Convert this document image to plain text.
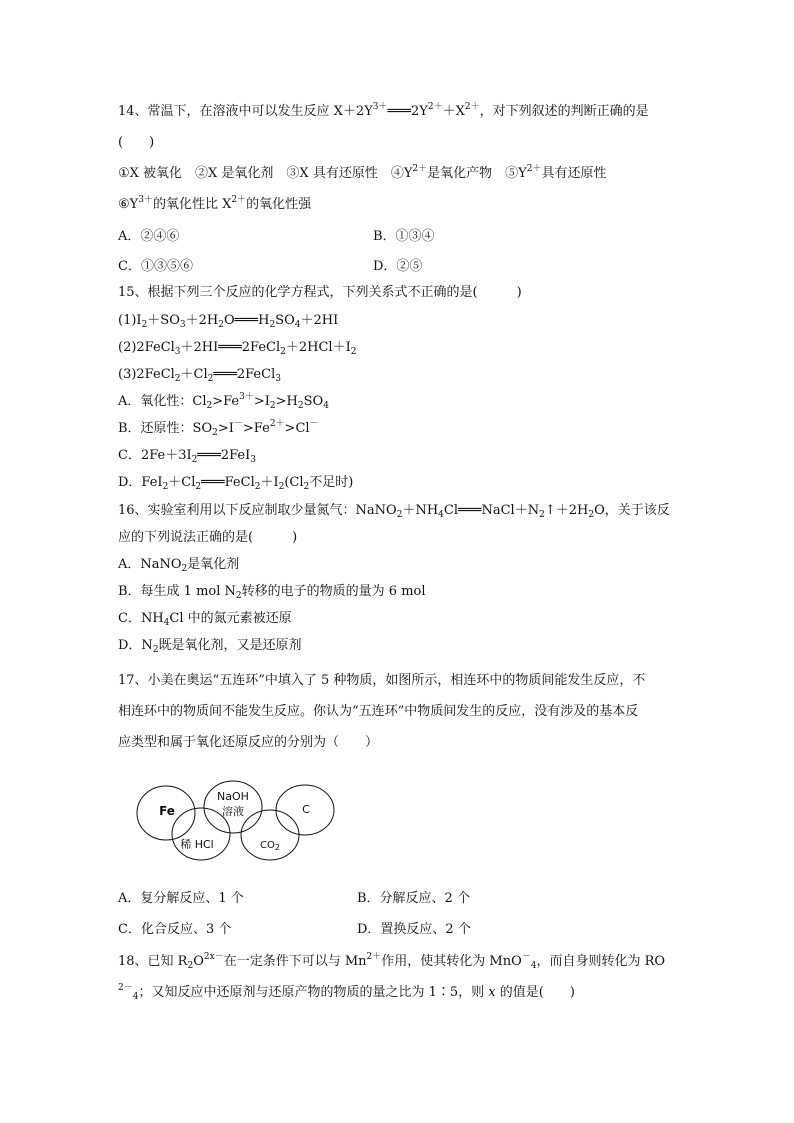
14、常温下，在溶液中可以发生反应 $X+2Y^{3+}═══2Y^{2+}+X^{2+}$，对下列叙述的判断正确的是
(　　)
①X 被氧化　②X 是氧化剂　③X 具有还原性　$④Y^{2+}$是氧化产物　$⑤Y^{2+}$具有还原性
$⑥Y^{3+}$的氧化性比 $X^{2+}$的氧化性强
A．②④⑥	B．①③④
C．①③⑤⑥	D．②⑤
15、根据下列三个反应的化学方程式，下列关系式不正确的是(　　　)
$(1)I_2+SO_3+2H_2O═══H_2SO_4+2HI$
$(2)2FeCl_3+2HI═══2FeCl_2+2HCl+I_2$
$(3)2FeCl_2+Cl_2═══2FeCl_3$
A．氧化性：$Cl_2>Fe^{3+}>I_2>H_2SO_4$
B．还原性：$SO_2>I^->Fe^{2+}>Cl^-$
C．$2Fe+3I_2═══2FeI_3$
D．$FeI_2+Cl_2═══FeCl_2+I_2(Cl_2$不足时)
16、实验室利用以下反应制取少量氮气：$NaNO_2+NH_4Cl═══NaCl+N_2↑+2H_2O$，关于该反
应的下列说法正确的是(　　　)
A．NaNO$_2$是氧化剂
B．每生成 1 mol $N_2$转移的电子的物质的量为 6 mol
C．$NH_4Cl$ 中的氮元素被还原
D．$N_2$既是氧化剂，又是还原剂
17、小美在奥运“五连环”中填入了 5 种物质，如图所示，相连环中的物质间能发生反应，不
相连环中的物质间不能发生反应。你认为“五连环”中物质间发生的反应，没有涉及的基本反
应类型和属于氧化还原反应的分别为（　　）
Fe
NaOH
溶液	C
稀 HCl	$CO_2$
A．复分解反应、1 个	B．分解反应、2 个
C．化合反应、3 个	D．置换反应、2 个
18、已知 $R_2O^{2x-}$在一定条件下可以与 $Mn^{2+}$作用，使其转化为 MnO－$_4$，而自身则转化为 RO
$^{2-}_4$；又知反应中还原剂与还原产物的物质的量之比为 1∶5，则 x 的值是(　　)
